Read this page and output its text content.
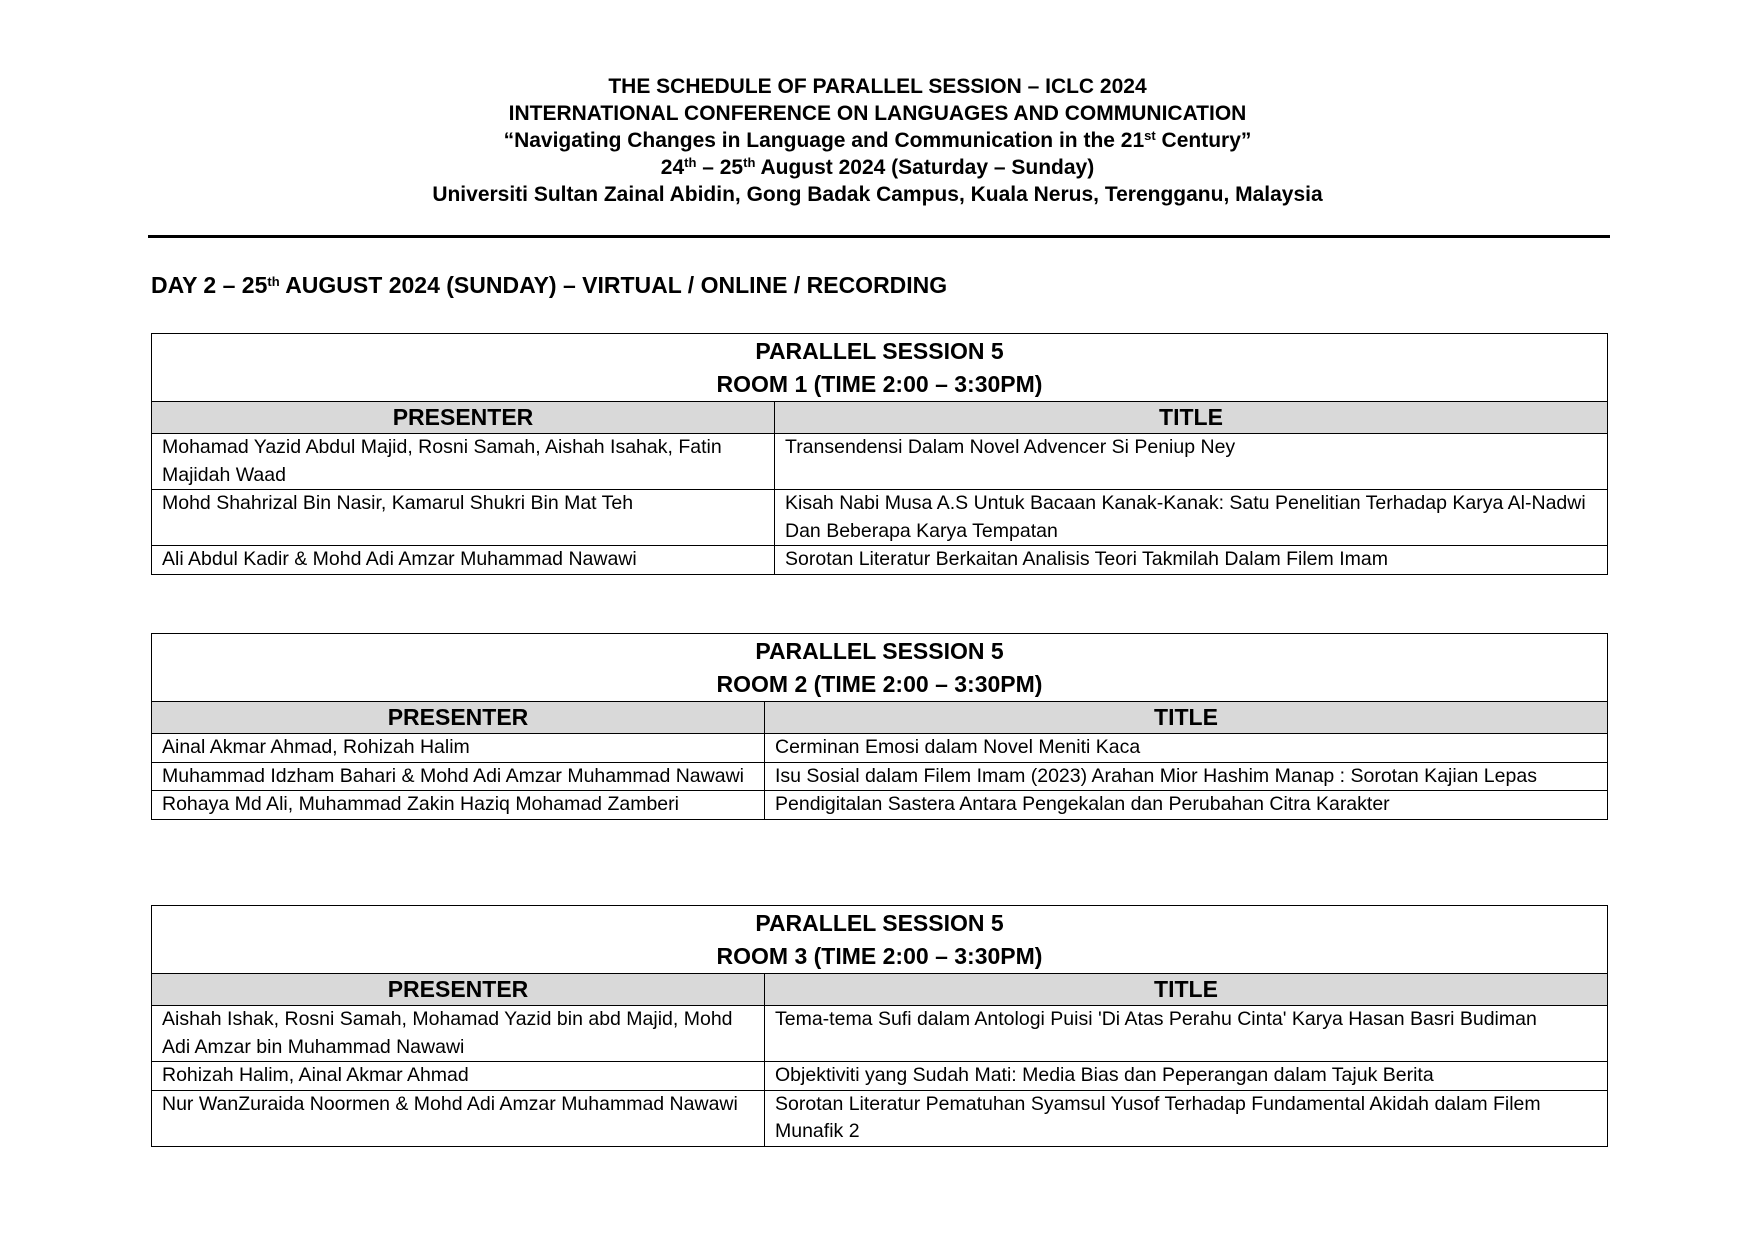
THE SCHEDULE OF PARALLEL SESSION – ICLC 2024
INTERNATIONAL CONFERENCE ON LANGUAGES AND COMMUNICATION
“Navigating Changes in Language and Communication in the 21st Century”
24th – 25th August 2024 (Saturday – Sunday)
Universiti Sultan Zainal Abidin, Gong Badak Campus, Kuala Nerus, Terengganu, Malaysia
DAY 2 – 25th AUGUST 2024 (SUNDAY) – VIRTUAL / ONLINE / RECORDING
PARALLEL SESSION 5
ROOM 1 (TIME 2:00 – 3:30PM)	

PRESENTER	TITLE
Mohamad Yazid Abdul Majid, Rosni Samah, Aishah Isahak, Fatin Majidah Waad	Transendensi Dalam Novel Advencer Si Peniup Ney
Mohd Shahrizal Bin Nasir, Kamarul Shukri Bin Mat Teh	Kisah Nabi Musa A.S Untuk Bacaan Kanak-Kanak: Satu Penelitian Terhadap Karya Al-Nadwi Dan Beberapa Karya Tempatan
Ali Abdul Kadir & Mohd Adi Amzar Muhammad Nawawi	Sorotan Literatur Berkaitan Analisis Teori Takmilah Dalam Filem Imam
PARALLEL SESSION 5
ROOM 2 (TIME 2:00 – 3:30PM)	

PRESENTER	TITLE
Ainal Akmar Ahmad, Rohizah Halim	Cerminan Emosi dalam Novel Meniti Kaca
Muhammad Idzham Bahari & Mohd Adi Amzar Muhammad Nawawi	Isu Sosial dalam Filem Imam (2023) Arahan Mior Hashim Manap : Sorotan Kajian Lepas
Rohaya Md Ali, Muhammad Zakin Haziq Mohamad Zamberi	Pendigitalan Sastera Antara Pengekalan dan Perubahan Citra Karakter
PARALLEL SESSION 5
ROOM 3 (TIME 2:00 – 3:30PM)	

PRESENTER	TITLE
Aishah Ishak, Rosni Samah, Mohamad Yazid bin abd Majid, Mohd Adi Amzar bin Muhammad Nawawi	Tema-tema Sufi dalam Antologi Puisi 'Di Atas Perahu Cinta' Karya Hasan Basri Budiman
Rohizah Halim, Ainal Akmar Ahmad	Objektiviti yang Sudah Mati: Media Bias dan Peperangan dalam Tajuk Berita
Nur WanZuraida Noormen & Mohd Adi Amzar Muhammad Nawawi	Sorotan Literatur Pematuhan Syamsul Yusof Terhadap Fundamental Akidah dalam Filem Munafik 2
